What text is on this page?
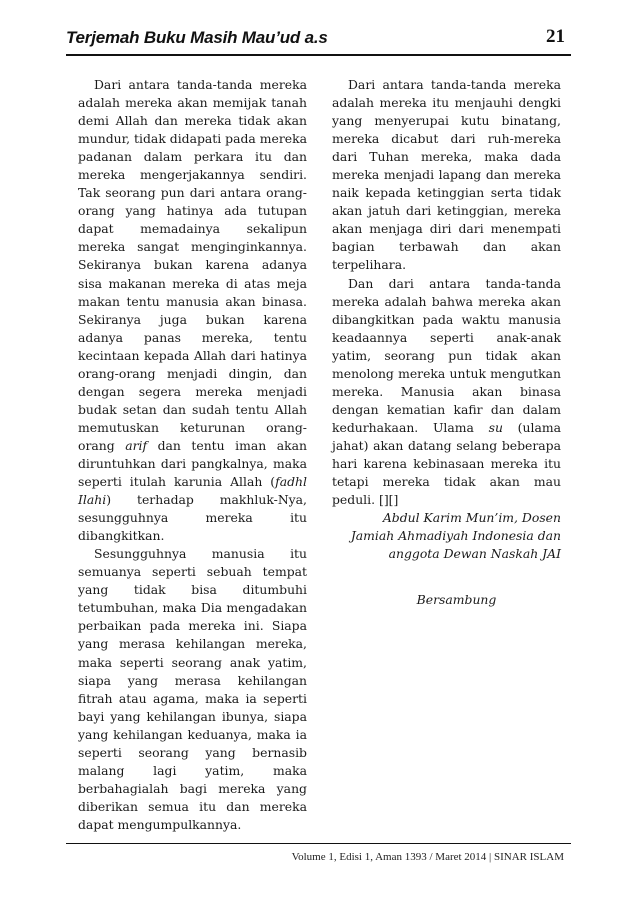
Terjemah Buku Masih Mau’ud a.s	21

Dari antara tanda-tanda mereka adalah mereka akan memijak tanah demi Allah dan mereka tidak akan mundur, tidak didapati pada mereka padanan dalam perkara itu dan mereka mengerjakannya sendiri. Tak seorang pun dari antara orang-orang yang hatinya ada tutupan dapat memadainya sekalipun mereka sangat menginginkannya. Sekiranya bukan karena adanya sisa makanan mereka di atas meja makan tentu manusia akan binasa. Sekiranya juga bukan karena adanya panas mereka, tentu kecintaan kepada Allah dari hatinya orang-orang menjadi dingin, dan dengan segera mereka menjadi budak setan dan sudah tentu Allah memutuskan keturunan orang-orang arif dan tentu iman akan diruntuhkan dari pangkalnya, maka seperti itulah karunia Allah (fadhl Ilahi) terhadap makhluk-Nya, sesungguhnya mereka itu dibangkitkan.

Sesungguhnya manusia itu semuanya seperti sebuah tempat yang tidak bisa ditumbuhi tetumbuhan, maka Dia mengadakan perbaikan pada mereka ini. Siapa yang merasa kehilangan mereka, maka seperti seorang anak yatim, siapa yang merasa kehilangan fitrah atau agama, maka ia seperti bayi yang kehilangan ibunya, siapa yang kehilangan keduanya, maka ia seperti seorang yang bernasib malang lagi yatim, maka berbahagialah bagi mereka yang diberikan semua itu dan mereka dapat mengumpulkannya.

Dari antara tanda-tanda mereka adalah mereka itu menjauhi dengki yang menyerupai kutu binatang, mereka dicabut dari ruh-mereka dari Tuhan mereka, maka dada mereka menjadi lapang dan mereka naik kepada ketinggian serta tidak akan jatuh dari ketinggian, mereka akan menjaga diri dari menempati bagian terbawah dan akan terpelihara.

Dan dari antara tanda-tanda mereka adalah bahwa mereka akan dibangkitkan pada waktu manusia keadaannya seperti anak-anak yatim, seorang pun tidak akan menolong mereka untuk mengutkan mereka. Manusia akan binasa dengan kematian kafir dan dalam kedurhakaan. Ulama su (ulama jahat) akan datang selang beberapa hari karena kebinasaan mereka itu tetapi mereka tidak akan mau peduli. [][]

Abdul Karim Mun’im, Dosen
Jamiah Ahmadiyah Indonesia dan anggota Dewan Naskah JAI
Bersambung
Volume 1, Edisi 1, Aman 1393 / Maret 2014 | SINAR ISLAM
